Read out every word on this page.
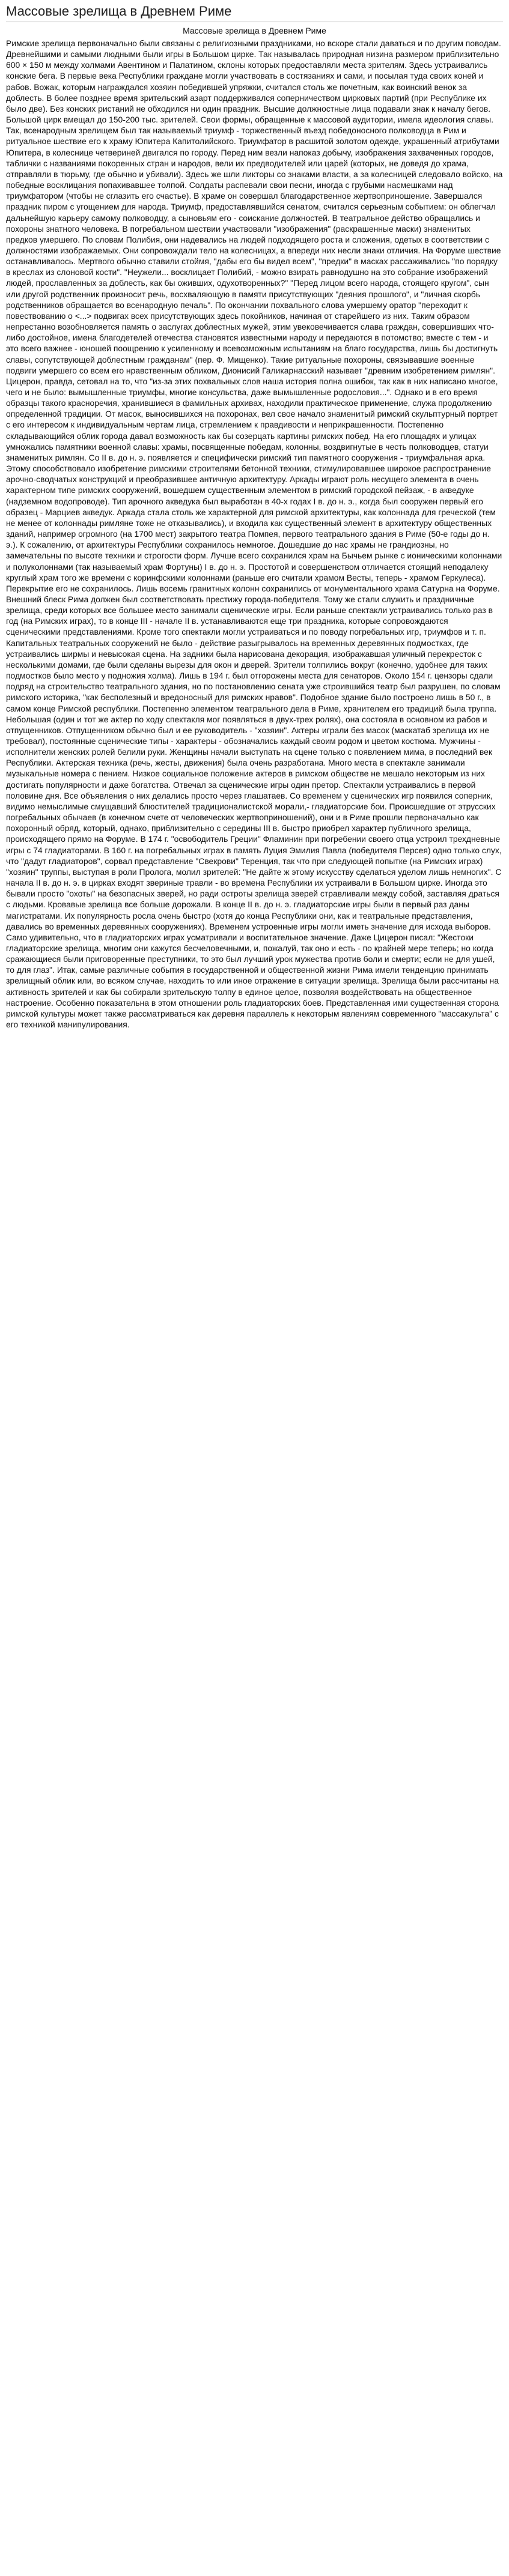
Массовые зрелища в Древнем Риме
Массовые зрелища в Древнем Риме

Римские зрелища первоначально были связаны с религиозными праздниками, но вскоре стали даваться и по другим поводам. Древнейшими и самыми людными были игры в Большом цирке. Так называлась природная низина размером приблизительно 600 × 150 м между холмами Авентином и Палатином, склоны которых предоставляли места зрителям. Здесь устраивались конские бега. В первые века Республики граждане могли участвовать в состязаниях и сами, и посылая туда своих коней и рабов. Вожак, которым награждался хозяин победившей упряжки, считался столь же почетным, как воинский венок за доблесть. В более позднее время зрительский азарт поддерживался соперничеством цирковых партий (при Республике их было две). Без конских ристаний не обходился ни один праздник. Высшие должностные лица подавали знак к началу бегов. Большой цирк вмещал до 150-200 тыс. зрителей. Свои формы, обращенные к массовой аудитории, имела идеология славы. Так, всенародным зрелищем был так называемый триумф - торжественный въезд победоносного полководца в Рим и ритуальное шествие его к храму Юпитера Капитолийского. Триумфатор в расшитой золотом одежде, украшенный атрибутами Юпитера, в колеснице четвериней двигался по городу. Перед ним везли напоказ добычу, изображения захваченных городов, таблички с названиями покоренных стран и народов, вели их предводителей или царей (которых, не доведя до храма, отправляли в тюрьму, где обычно и убивали). Здесь же шли ликторы со знаками власти, а за колесницей следовало войско, на победные восклицания попахивавшее толпой. Солдаты распевали свои песни, иногда с грубыми насмешками над триумфатором (чтобы не сглазить его счастье). В храме он совершал благодарственное жертвоприношение. Завершался праздник пиром с угощением для народа. Триумф, предоставлявшийся сенатом, считался серьезным событием: он облегчал дальнейшую карьеру самому полководцу, а сыновьям его - соискание должностей. В театральное действо обращались и похороны знатного человека. В погребальном шествии участвовали "изображения" (раскрашенные маски) знаменитых предков умершего. По словам Полибия, они надевались на людей подходящего роста и сложения, одетых в соответствии с должностями изображаемых. Они сопровождали тело на колесницах, а впереди них несли знаки отличия. На Форуме шествие останавливалось. Мертвого обычно ставили стоймя, "дабы его бы видел всем", "предки" в масках рассаживались "по порядку в креслах из слоновой кости". "Неужели... восклицает Полибий, - можно взирать равнодушно на это собрание изображений людей, прославленных за доблесть, как бы оживших, одухотворенных?" "Перед лицом всего народа, стоящего кругом", сын или другой родственник произносит речь, восхваляющую в памяти присутствующих "деяния прошлого", и "личная скорбь родственников обращается во всенародную печаль". По окончании похвального слова умершему оратор "переходит к повествованию о <...> подвигах всех присутствующих здесь покойников, начиная от старейшего из них. Таким образом непрестанно возобновляется память о заслугах доблестных мужей, этим увековечивается слава граждан, совершивших что-либо достойное, имена благодетелей отечества становятся известными народу и передаются в потомство; вместе с тем - и это всего важнее - юношей поощрению к усиленному и всевозможным испытаниям на благо государства, лишь бы достигнуть славы, сопутствующей доблестным гражданам" (пер. Ф. Мищенко). Такие ритуальные похороны, связывавшие военные подвиги умершего со всем его нравственным обликом, Дионисий Галикарнасский называет "древним изобретением римлян". Цицерон, правда, сетовал на то, что "из-за этих похвальных слов наша история полна ошибок, так как в них написано многое, чего и не было: вымышленные триумфы, многие консульства, даже вымышленные родословия...". Однако и в его время образцы такого красноречия, хранившиеся в фамильных архивах, находили практическое применение, служа продолжению определенной традиции. От масок, выносившихся на похоронах, вел свое начало знаменитый римский скульптурный портрет с его интересом к индивидуальным чертам лица, стремлением к правдивости и неприкрашенности. Постепенно складывающийся облик города давал возможность как бы созерцать картины римских побед. На его площадях и улицах умножались памятники военной славы: храмы, посвященные победам, колонны, воздвигнутые в честь полководцев, статуи знаменитых римлян. Со II в. до н. э. появляется и специфически римский тип памятного сооружения - триумфальная арка. Этому способствовало изобретение римскими строителями бетонной техники, стимулировавшее широкое распространение арочно-сводчатых конструкций и преобразившее античную архитектуру. Аркады играют роль несущего элемента в очень характерном типе римских сооружений, вошедшем существенным элементом в римский городской пейзаж, - в акведуке (надземном водопроводе). Тип арочного акведука был выработан в 40-х годах I в. до н. э., когда был сооружен первый его образец - Марциев акведук. Аркада стала столь же характерной для римской архитектуры, как колоннада для греческой (тем не менее от колоннады римляне тоже не отказывались), и входила как существенный элемент в архитектуру общественных зданий, например огромного (на 1700 мест) закрытого театра Помпея, первого театрального здания в Риме (50-е годы до н. э.). К сожалению, от архитектуры Республики сохранилось немногое. Дошедшие до нас храмы не грандиозны, но замечательны по высоте техники и строгости форм. Лучше всего сохранился храм на Бычьем рынке с ионическими колоннами и полуколоннами (так называемый храм Фортуны) I в. до н. э. Простотой и совершенством отличается стоящий неподалеку круглый храм того же времени с коринфскими колоннами (раньше его считали храмом Весты, теперь - храмом Геркулеса). Перекрытие его не сохранилось. Лишь восемь гранитных колонн сохранились от монументального храма Сатурна на Форуме. Внешний блеск Рима должен был соответствовать престижу города-победителя. Тому же стали служить и праздничные зрелища, среди которых все большее место занимали сценические игры. Если раньше спектакли устраивались только раз в год (на Римских играх), то в конце III - начале II в. устанавливаются еще три праздника, которые сопровождаются сценическими представлениями. Кроме того спектакли могли устраиваться и по поводу погребальных игр, триумфов и т. п. Капитальных театральных сооружений не было - действие разыгрывалось на временных деревянных подмостках, где устраивались ширмы и невысокая сцена. На задники была нарисована декорация, изображавшая уличный перекресток с несколькими домами, где были сделаны вырезы для окон и дверей. Зрители толпились вокруг (конечно, удобнее для таких подмостков было место у подножия холма). Лишь в 194 г. был отгорожены места для сенаторов. Около 154 г. цензоры сдали подряд на строительство театрального здания, но по постановлению сената уже строившийся театр был разрушен, по словам римского историка, "как бесполезный и вредоносный для римских нравов". Подобное здание было построено лишь в 50 г., в самом конце Римской республики. Постепенно элементом театрального дела в Риме, хранителем его традиций была труппа. Небольшая (один и тот же актер по ходу спектакля мог появляться в двух-трех ролях), она состояла в основном из рабов и отпущенников. Отпущенником обычно был и ее руководитель - "хозяин". Актеры играли без масок (маскатаб зрелища их не требовал), постоянные сценические типы - характеры - обозначались каждый своим родом и цветом костюма. Мужчины - исполнители женских ролей белили руки. Женщины начали выступать на сцене только с появлением мима, в последний век Республики. Актерская техника (речь, жесты, движения) была очень разработана. Много места в спектакле занимали музыкальные номера с пением. Низкое социальное положение актеров в римском обществе не мешало некоторым из них достигать популярности и даже богатства. Отвечал за сценические игры один претор. Спектакли устраивались в первой половине дня. Все объявления о них делались просто через глашатаев. Со временем у сценических игр появился соперник, видимо немыслимые смущавший блюстителей традиционалистской морали,- гладиаторские бои. Происшедшие от этрусских погребальных обычаев (в конечном счете от человеческих жертвоприношений), они и в Риме прошли первоначально как похоронный обряд, который, однако, приблизительно с середины III в. быстро приобрел характер публичного зрелища, происходящего прямо на Форуме. В 174 г. "освободитель Греции" Фламинин при погребении своего отца устроил трехдневные игры с 74 гладиаторами. В 160 г. на погребальных играх в память Луция Эмилия Павла (победителя Персея) одно только слух, что "дадут гладиаторов", сорвал представление "Свекрови" Теренция, так что при следующей попытке (на Римских играх) "хозяин" труппы, выступая в роли Пролога, молил зрителей: "Не дайте ж этому искусству сделаться уделом лишь немногих". С начала II в. до н. э. в цирках входят звериные травли - во времена Республики их устраивали в Большом цирке. Иногда это бывали просто "охоты" на безопасных зверей, но ради остроты зрелища зверей стравливали между собой, заставляя драться с людьми. Кровавые зрелища все больше дорожали. В конце II в. до н. э. гладиаторские игры были в первый раз даны магистратами. Их популярность росла очень быстро (хотя до конца Республики они, как и театральные представления, давались во временных деревянных сооружениях). Временем устроенные игры могли иметь значение для исхода выборов. Само удивительно, что в гладиаторских играх усматривали и воспитательное значение. Даже Цицерон писал: "Жестоки гладиаторские зрелища, многим они кажутся бесчеловечными, и, пожалуй, так оно и есть - по крайней мере теперь; но когда сражающиеся были приговоренные преступники, то это был лучший урок мужества против боли и смерти; если не для ушей, то для глаз". Итак, самые различные события в государственной и общественной жизни Рима имели тенденцию принимать зрелищный облик или, во всяком случае, находить то или иное отражение в ситуации зрелища. Зрелища были рассчитаны на активность зрителей и как бы собирали зрительскую толпу в единое целое, позволяя воздействовать на общественное настроение. Особенно показательна в этом отношении роль гладиаторских боев. Представленная ими существенная сторона римской культуры может также рассматриваться как деревня параллель к некоторым явлениям современного "массакульта" с его техникой манипулирования.
